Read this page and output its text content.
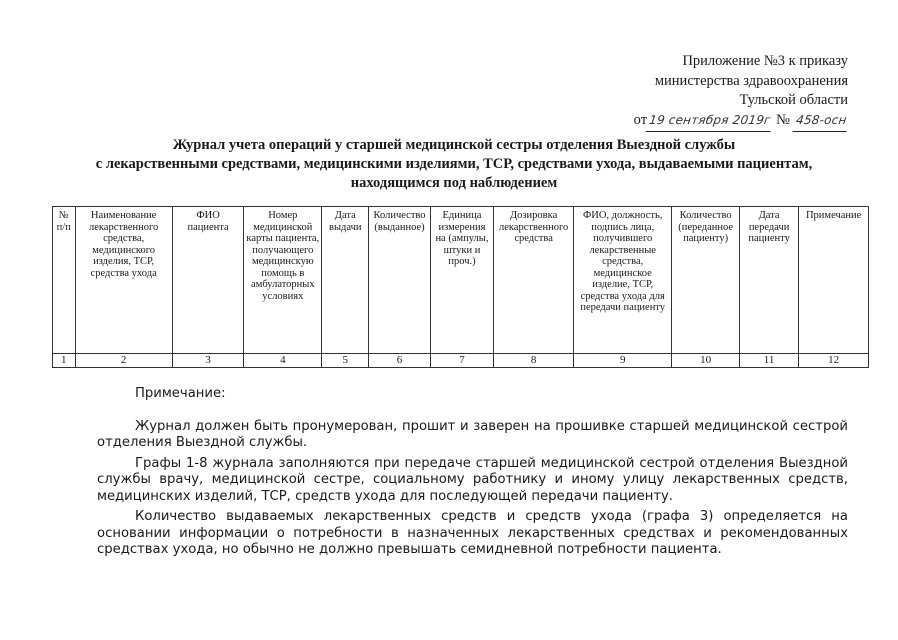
Приложение №3 к приказу
министерства здравоохранения
Тульской области
от19 сентября 2019г № 458-осн
Журнал учета операций у старшей медицинской сестры отделения Выездной службы
с лекарственными средствами, медицинскими изделиями, ТСР, средствами ухода, выдаваемыми пациентам,
находящимся под наблюдением
№ п/п	Наименование лекарственного средства, медицинского изделия, ТСР, средства ухода	ФИО пациента	Номер медицинской карты пациента, получающего медицинскую помощь в амбулаторных условиях	Дата выдачи	Количество (выданное)	Единица измерения на (ампулы, штуки и проч.)	Дозировка лекарственного средства	ФИО, должность, подпись лица, получившего лекарственные средства, медицинское изделие, ТСР, средства ухода для передачи пациенту	Количество (переданное пациенту)	Дата передачи пациенту	Примечание
1	2	3	4	5	6	7	8	9	10	11	12
Примечание:

Журнал должен быть пронумерован, прошит и заверен на прошивке старшей медицинской сестрой отделения Выездной службы.

Графы 1-8 журнала заполняются при передаче старшей медицинской сестрой отделения Выездной службы врачу, медицинской сестре, социальному работнику и иному улицу лекарственных средств, медицинских изделий, ТСР, средств ухода для последующей передачи пациенту.

Количество выдаваемых лекарственных средств и средств ухода (графа 3) определяется на основании информации о потребности в назначенных лекарственных средствах и рекомендованных средствах ухода, но обычно не должно превышать семидневной потребности пациента.
